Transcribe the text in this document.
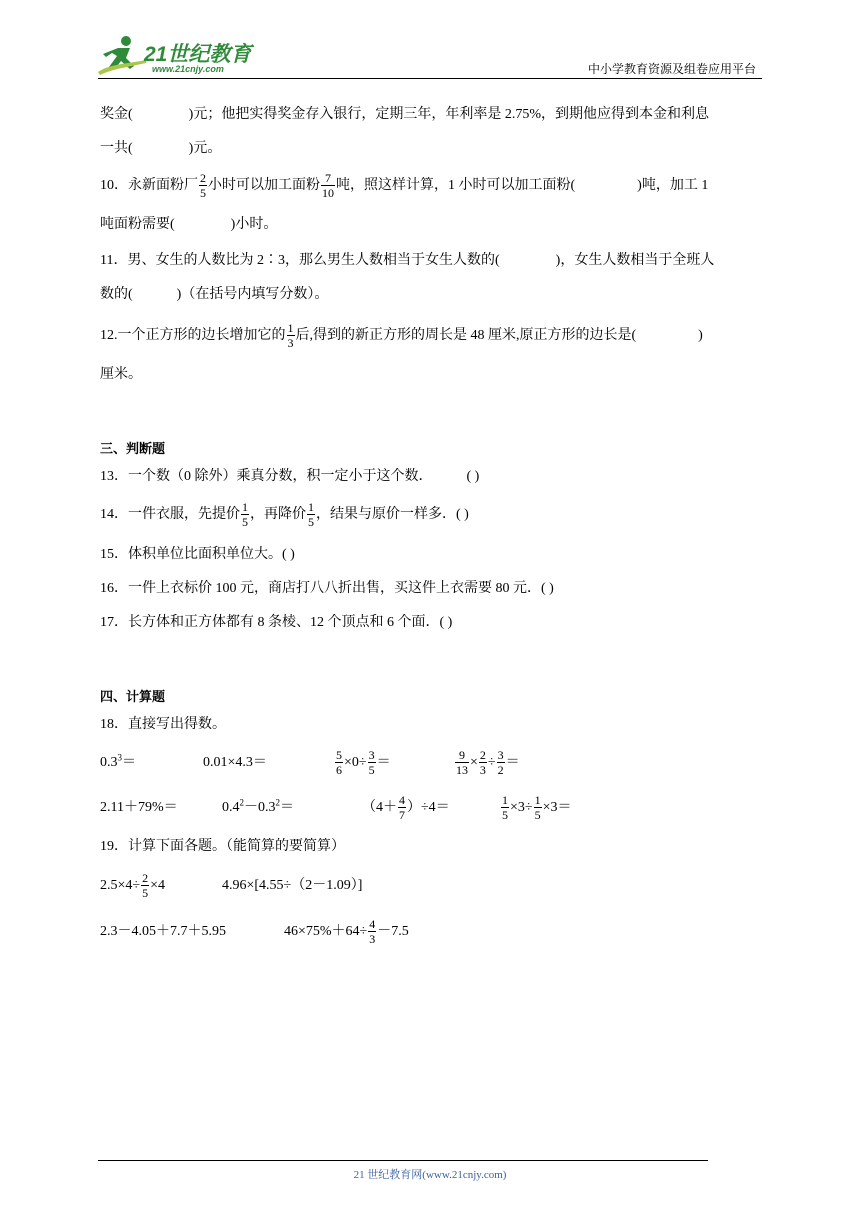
21世纪教育
www.21cnjy.com	中小学教育资源及组卷应用平台
奖金(	)元；他把实得奖金存入银行，定期三年，年利率是 2.75%，到期他应得到本金和利息
一共(	)元。
10．永新面粉厂 $\frac{2}{5}$ 小时可以加工面粉 $\frac{7}{10}$ 吨，照这样计算，1 小时可以加工面粉(	)吨，加工 1
吨面粉需要(	)小时。
11．男、女生的人数比为 2∶3，那么男生人数相当于女生人数的(	)，女生人数相当于全班人
数的(	)（在括号内填写分数）。
12.一个正方形的边长增加它的 $\frac{1}{3}$ 后,得到的新正方形的周长是 48 厘米,原正方形的边长是(	)
厘米。
三、判断题
13．一个数（0 除外）乘真分数，积一定小于这个数． ( )
14．一件衣服，先提价 $\frac{1}{5}$ ，再降价 $\frac{1}{5}$ ，结果与原价一样多．( )
15．体积单位比面积单位大。( )
16．一件上衣标价 100 元，商店打八八折出售，买这件上衣需要 80 元．( )
17．长方体和正方体都有 8 条棱、12 个顶点和 6 个面．( )
四、计算题
18．直接写出得数。
$0.3^3=$	0.01×4.3＝	$\frac{5}{6} \times 0\div \frac{3}{5}$ ＝	$\frac{9}{13} \times \frac{2}{3} \div \frac{3}{2}$ ＝
2.11＋79%＝	$0.4^2-0.3^2=$	$(4+ \frac{4}{7} )\div 4=$	$\frac{1}{5} \times 3\div \frac{1}{5} \times 3=$
19．计算下面各题。（能简算的要简算）
$2.5\times 4\div \frac{2}{5} \times 4$	4.96×[4.55÷（2－1.09）]
2.3－4.05＋7.7＋5.95	$46\times 75\%+64\div \frac{4}{3} -7.5$
21 世纪教育网(www.21cnjy.com)
